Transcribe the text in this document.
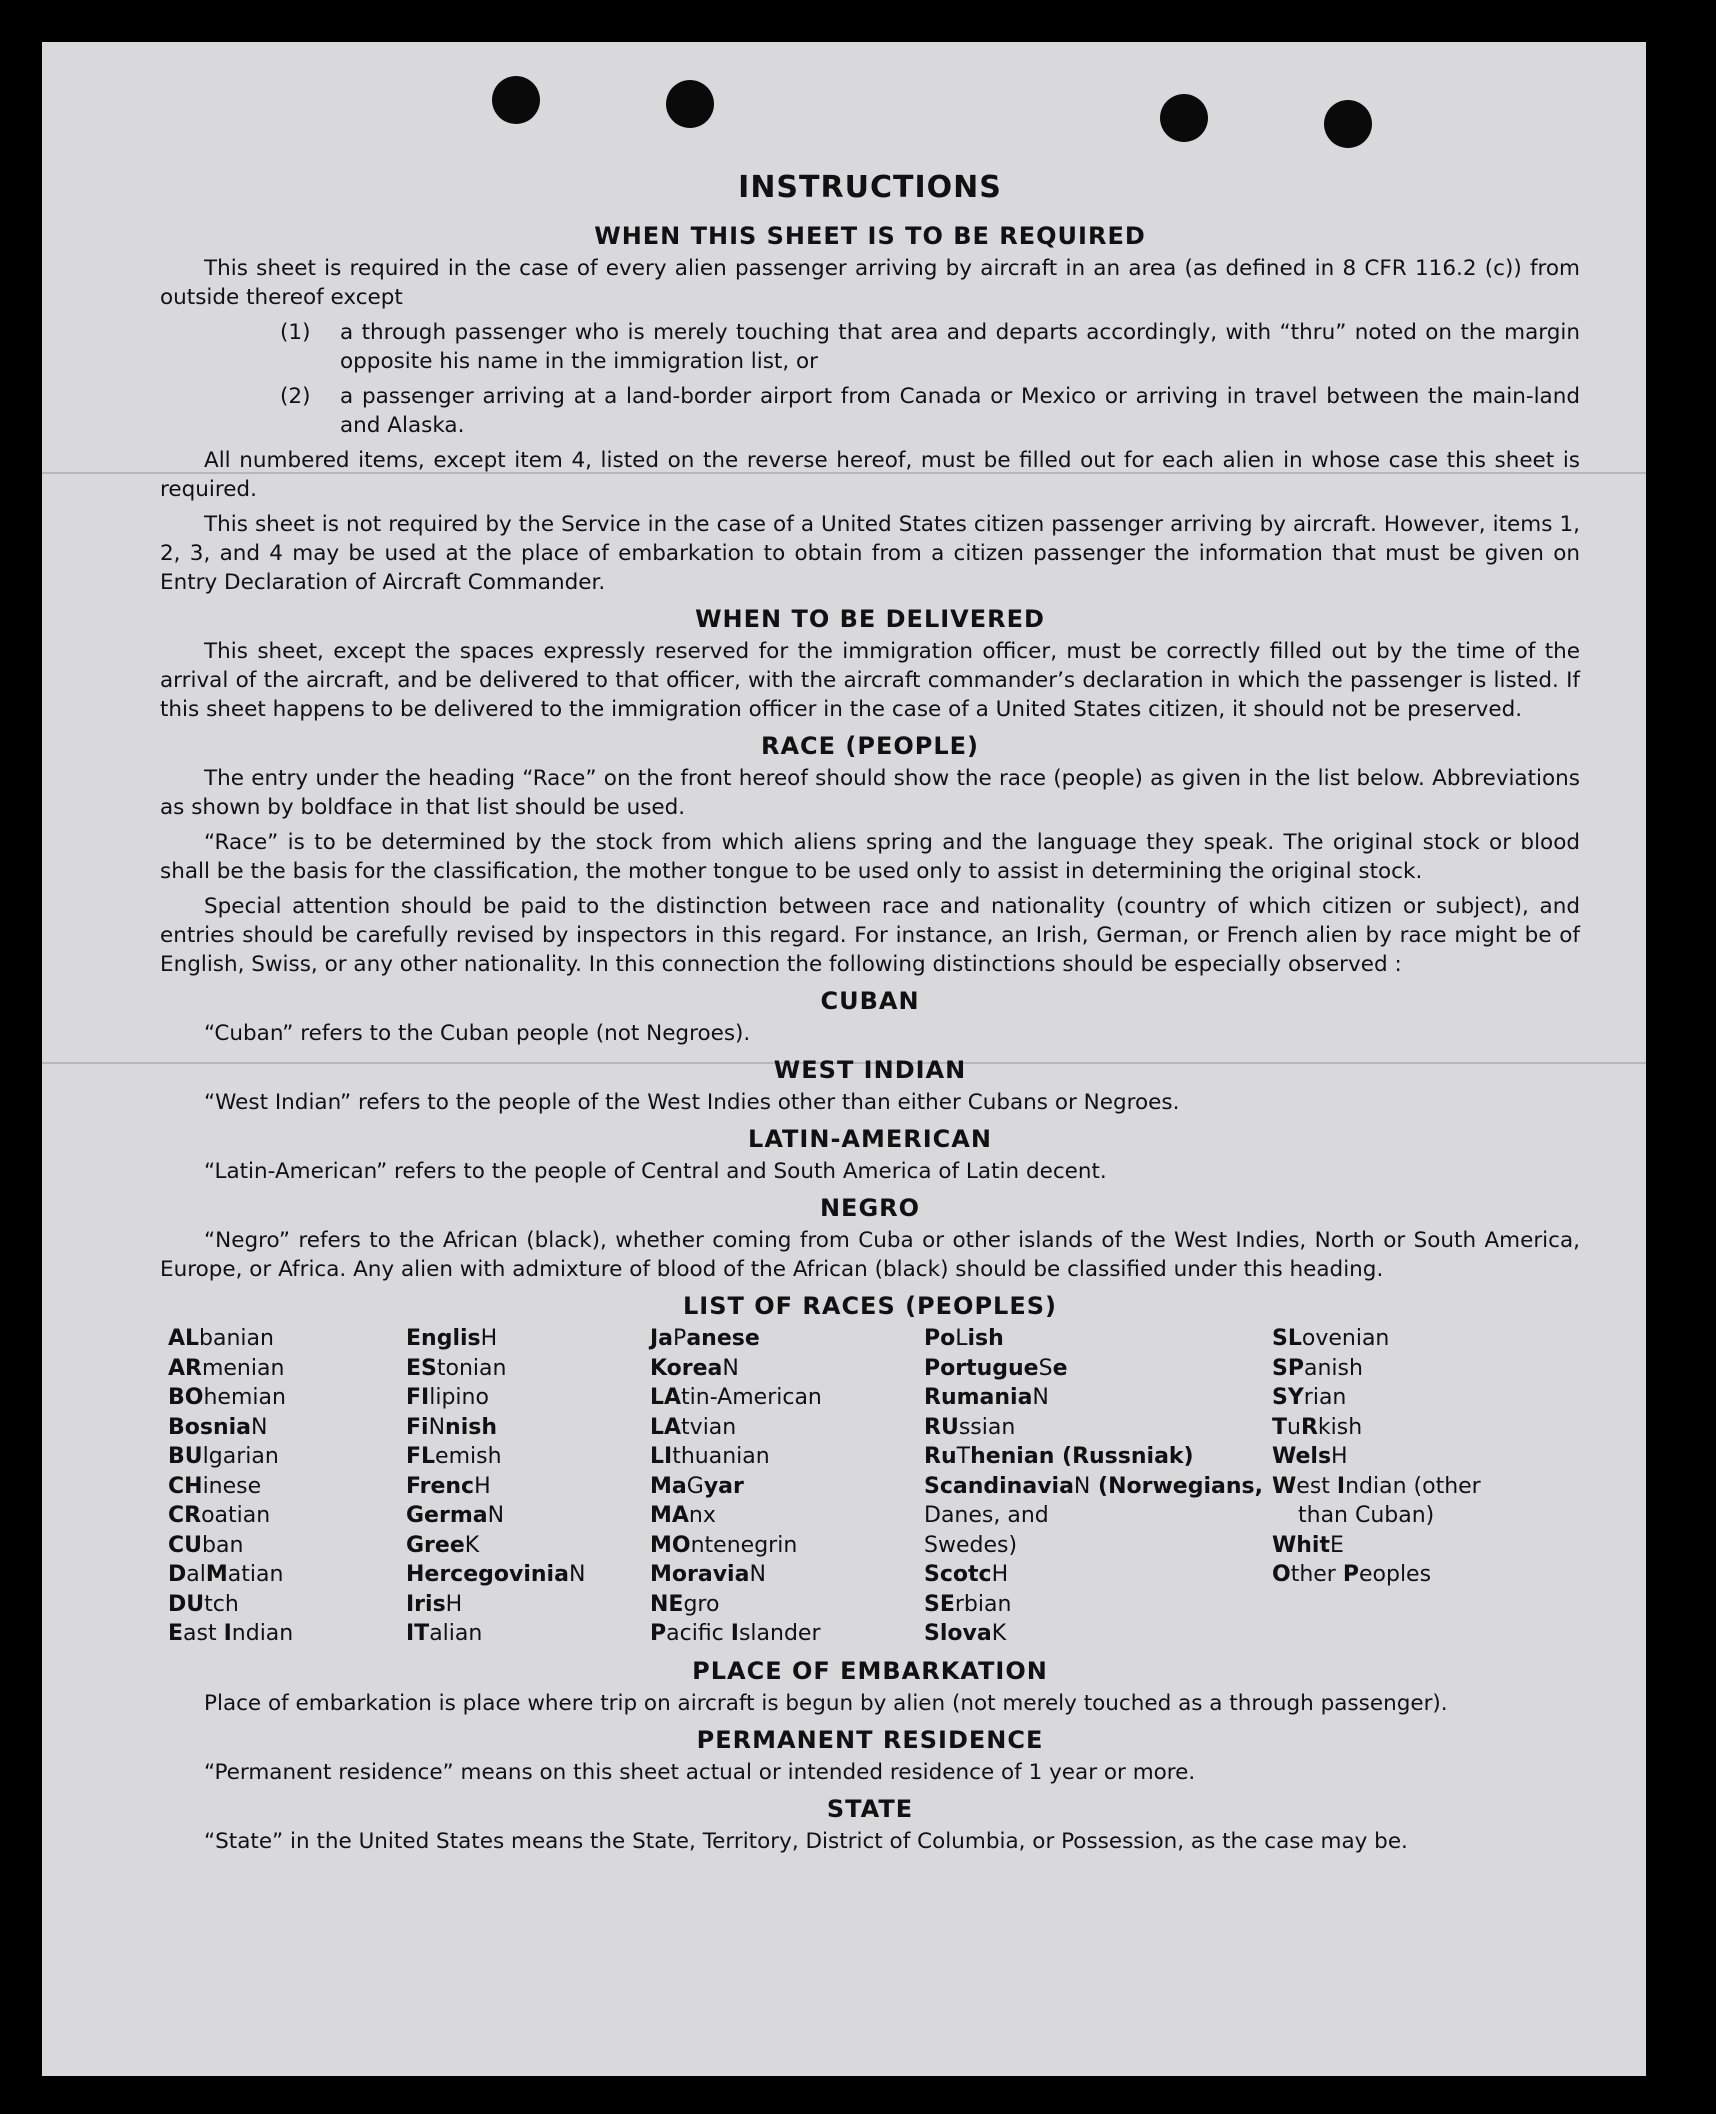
INSTRUCTIONS
WHEN THIS SHEET IS TO BE REQUIRED

This sheet is required in the case of every alien passenger arriving by aircraft in an area (as defined in 8 CFR 116.2 (c)) from outside thereof except

(1)	a through passenger who is merely touching that area and departs accordingly, with “thru” noted on the margin opposite his name in the immigration list, or
(2)	a passenger arriving at a land-border airport from Canada or Mexico or arriving in travel between the main-land and Alaska.

All numbered items, except item 4, listed on the reverse hereof, must be filled out for each alien in whose case this sheet is required.

This sheet is not required by the Service in the case of a United States citizen passenger arriving by aircraft. However, items 1, 2, 3, and 4 may be used at the place of embarkation to obtain from a citizen passenger the information that must be given on Entry Declaration of Aircraft Commander.

WHEN TO BE DELIVERED

This sheet, except the spaces expressly reserved for the immigration officer, must be correctly filled out by the time of the arrival of the aircraft, and be delivered to that officer, with the aircraft commander’s declaration in which the passenger is listed. If this sheet happens to be delivered to the immigration officer in the case of a United States citizen, it should not be preserved.

RACE (PEOPLE)

The entry under the heading “Race” on the front hereof should show the race (people) as given in the list below. Abbreviations as shown by boldface in that list should be used.

“Race” is to be determined by the stock from which aliens spring and the language they speak. The original stock or blood shall be the basis for the classification, the mother tongue to be used only to assist in determining the original stock.

Special attention should be paid to the distinction between race and nationality (country of which citizen or subject), and entries should be carefully revised by inspectors in this regard. For instance, an Irish, German, or French alien by race might be of English, Swiss, or any other nationality. In this connection the following distinctions should be especially observed :

CUBAN

“Cuban” refers to the Cuban people (not Negroes).

WEST INDIAN

“West Indian” refers to the people of the West Indies other than either Cubans or Negroes.

LATIN-AMERICAN

“Latin-American” refers to the people of Central and South America of Latin decent.

NEGRO

“Negro” refers to the African (black), whether coming from Cuba or other islands of the West Indies, North or South America, Europe, or Africa. Any alien with admixture of blood of the African (black) should be classified under this heading.

LIST OF RACES (PEOPLES)
ALbanian
ARmenian
BOhemian
BosniaN
BUlgarian
CHinese
CRoatian
CUban
DalMatian
DUtch
East Indian
EnglisH
EStonian
FIlipino
FiNnish
FLemish
FrencH
GermaN
GreeK
HercegoviniaN
IrisH
ITalian
JaPanese
KoreaN
LAtin-American
LAtvian
LIthuanian
MaGyar
MAnx
MOntenegrin
MoraviaN
NEgro
Pacific Islander
PoLish
PortugueSe
RumaniaN
RUssian
RuThenian (Russniak)
ScandinaviaN (Norwegians,
Danes, and
Swedes)
ScotcH
SErbian
SlovaK
SLovenian
SPanish
SYrian
TuRkish
WelsH
West Indian (other
than Cuban)
WhitE
Other Peoples
PLACE OF EMBARKATION

Place of embarkation is place where trip on aircraft is begun by alien (not merely touched as a through passenger).

PERMANENT RESIDENCE

“Permanent residence” means on this sheet actual or intended residence of 1 year or more.

STATE

“State” in the United States means the State, Territory, District of Columbia, or Possession, as the case may be.
